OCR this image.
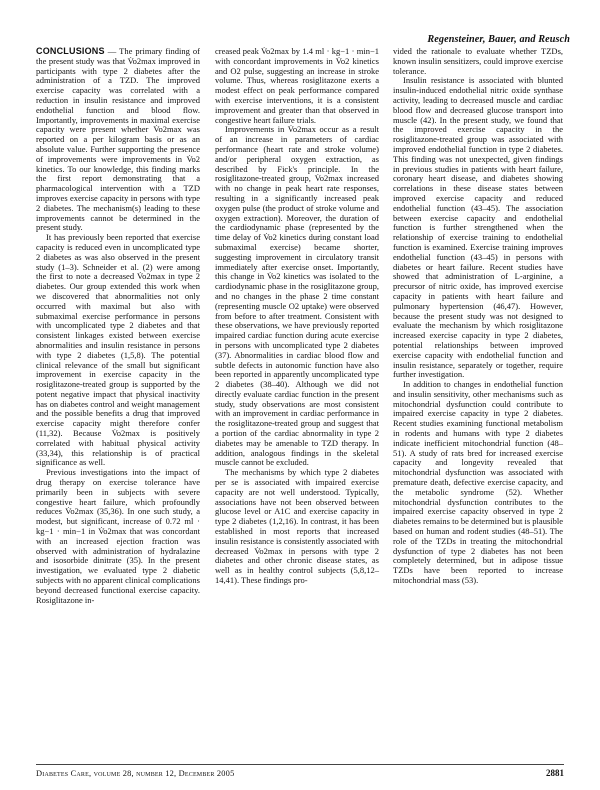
Regensteiner, Bauer, and Reusch

CONCLUSIONS — The primary finding of the present study was that V̇o2max improved in participants with type 2 diabetes after the administration of a TZD. The improved exercise capacity was correlated with a reduction in insulin resistance and improved endothelial function and blood flow. Importantly, improvements in maximal exercise capacity were present whether V̇o2max was reported on a per kilogram basis or as an absolute value. Further supporting the presence of improvements were improvements in V̇o2 kinetics. To our knowledge, this finding marks the first report demonstrating that a pharmacological intervention with a TZD improves exercise capacity in persons with type 2 diabetes. The mechanism(s) leading to these improvements cannot be determined in the present study.

It has previously been reported that exercise capacity is reduced even in uncomplicated type 2 diabetes as was also observed in the present study (1–3). Schneider et al. (2) were among the first to note a decreased V̇o2max in type 2 diabetes. Our group extended this work when we discovered that abnormalities not only occurred with maximal but also with submaximal exercise performance in persons with uncomplicated type 2 diabetes and that consistent linkages existed between exercise abnormalities and insulin resistance in persons with type 2 diabetes (1,5,8). The potential clinical relevance of the small but significant improvement in exercise capacity in the rosiglitazone-treated group is supported by the potent negative impact that physical inactivity has on diabetes control and weight management and the possible benefits a drug that improved exercise capacity might therefore confer (11,32). Because V̇o2max is positively correlated with habitual physical activity (33,34), this relationship is of practical significance as well.

Previous investigations into the impact of drug therapy on exercise tolerance have primarily been in subjects with severe congestive heart failure, which profoundly reduces V̇o2max (35,36). In one such study, a modest, but significant, increase of 0.72 ml · kg−1 · min−1 in V̇o2max that was concordant with an increased ejection fraction was observed with administration of hydralazine and isosorbide dinitrate (35). In the present investigation, we evaluated type 2 diabetic subjects with no apparent clinical complications beyond decreased functional exercise capacity. Rosiglitazone in-

creased peak V̇o2max by 1.4 ml · kg−1 · min−1 with concordant improvements in V̇o2 kinetics and O2 pulse, suggesting an increase in stroke volume. Thus, whereas rosiglitazone exerts a modest effect on peak performance compared with exercise interventions, it is a consistent improvement and greater than that observed in congestive heart failure trials.

Improvements in V̇o2max occur as a result of an increase in parameters of cardiac performance (heart rate and stroke volume) and/or peripheral oxygen extraction, as described by Fick's principle. In the rosiglitazone-treated group, V̇o2max increased with no change in peak heart rate responses, resulting in a significantly increased peak oxygen pulse (the product of stroke volume and oxygen extraction). Moreover, the duration of the cardiodynamic phase (represented by the time delay of V̇o2 kinetics during constant load submaximal exercise) became shorter, suggesting improvement in circulatory transit immediately after exercise onset. Importantly, this change in V̇o2 kinetics was isolated to the cardiodynamic phase in the rosiglitazone group, and no changes in the phase 2 time constant (representing muscle O2 uptake) were observed from before to after treatment. Consistent with these observations, we have previously reported impaired cardiac function during acute exercise in persons with uncomplicated type 2 diabetes (37). Abnormalities in cardiac blood flow and subtle defects in autonomic function have also been reported in apparently uncomplicated type 2 diabetes (38–40). Although we did not directly evaluate cardiac function in the present study, study observations are most consistent with an improvement in cardiac performance in the rosiglitazone-treated group and suggest that a portion of the cardiac abnormality in type 2 diabetes may be amenable to TZD therapy. In addition, analogous findings in the skeletal muscle cannot be excluded.

The mechanisms by which type 2 diabetes per se is associated with impaired exercise capacity are not well understood. Typically, associations have not been observed between glucose level or A1C and exercise capacity in type 2 diabetes (1,2,16). In contrast, it has been established in most reports that increased insulin resistance is consistently associated with decreased V̇o2max in persons with type 2 diabetes and other chronic disease states, as well as in healthy control subjects (5,8,12–14,41). These findings pro-

vided the rationale to evaluate whether TZDs, known insulin sensitizers, could improve exercise tolerance.

Insulin resistance is associated with blunted insulin-induced endothelial nitric oxide synthase activity, leading to decreased muscle and cardiac blood flow and decreased glucose transport into muscle (42). In the present study, we found that the improved exercise capacity in the rosiglitazone-treated group was associated with improved endothelial function in type 2 diabetes. This finding was not unexpected, given findings in previous studies in patients with heart failure, coronary heart disease, and diabetes showing correlations in these disease states between improved exercise capacity and reduced endothelial function (43–45). The association between exercise capacity and endothelial function is further strengthened when the relationship of exercise training to endothelial function is examined. Exercise training improves endothelial function (43–45) in persons with diabetes or heart failure. Recent studies have showed that administration of L-arginine, a precursor of nitric oxide, has improved exercise capacity in patients with heart failure and pulmonary hypertension (46,47). However, because the present study was not designed to evaluate the mechanism by which rosiglitazone increased exercise capacity in type 2 diabetes, potential relationships between improved exercise capacity with endothelial function and insulin resistance, separately or together, require further investigation.

In addition to changes in endothelial function and insulin sensitivity, other mechanisms such as mitochondrial dysfunction could contribute to impaired exercise capacity in type 2 diabetes. Recent studies examining functional metabolism in rodents and humans with type 2 diabetes indicate inefficient mitochondrial function (48–51). A study of rats bred for increased exercise capacity and longevity revealed that mitochondrial dysfunction was associated with premature death, defective exercise capacity, and the metabolic syndrome (52). Whether mitochondrial dysfunction contributes to the impaired exercise capacity observed in type 2 diabetes remains to be determined but is plausible based on human and rodent studies (48–51). The role of the TZDs in treating the mitochondrial dysfunction of type 2 diabetes has not been completely determined, but in adipose tissue TZDs have been reported to increase mitochondrial mass (53).

Diabetes Care, volume 28, number 12, December 2005	2881
